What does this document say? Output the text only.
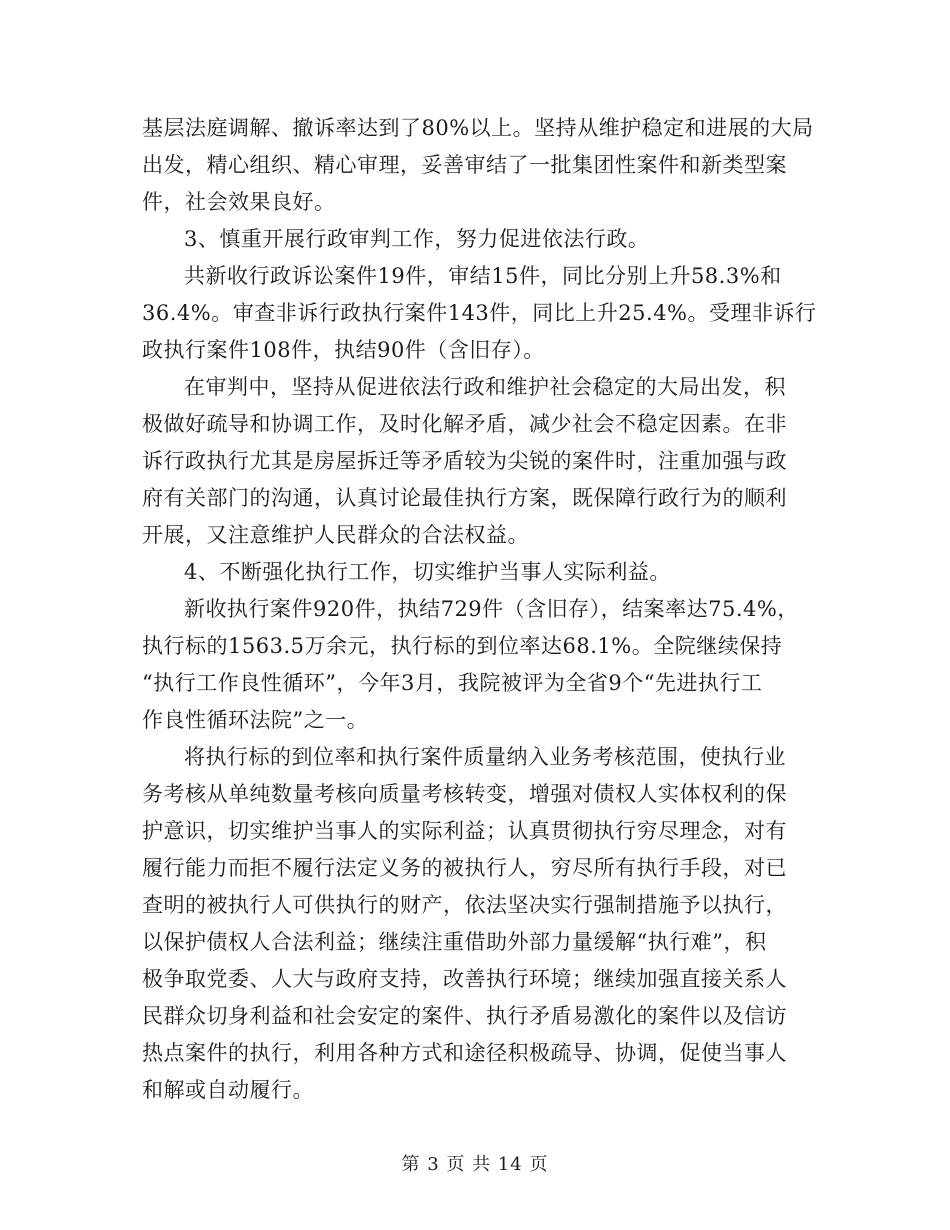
基层法庭调解、撤诉率达到了80%以上。坚持从维护稳定和进展的大局
出发，精心组织、精心审理，妥善审结了一批集团性案件和新类型案
件，社会效果良好。
3、慎重开展行政审判工作，努力促进依法行政。
共新收行政诉讼案件19件，审结15件，同比分别上升58.3%和
36.4%。审查非诉行政执行案件143件，同比上升25.4%。受理非诉行
政执行案件108件，执结90件（含旧存）。
在审判中，坚持从促进依法行政和维护社会稳定的大局出发，积
极做好疏导和协调工作，及时化解矛盾，减少社会不稳定因素。在非
诉行政执行尤其是房屋拆迁等矛盾较为尖锐的案件时，注重加强与政
府有关部门的沟通，认真讨论最佳执行方案，既保障行政行为的顺利
开展，又注意维护人民群众的合法权益。
4、不断强化执行工作，切实维护当事人实际利益。
新收执行案件920件，执结729件（含旧存），结案率达75.4%，
执行标的1563.5万余元，执行标的到位率达68.1%。全院继续保持
“执行工作良性循环”，今年3月，我院被评为全省9个“先进执行工
作良性循环法院”之一。
将执行标的到位率和执行案件质量纳入业务考核范围，使执行业
务考核从单纯数量考核向质量考核转变，增强对债权人实体权利的保
护意识，切实维护当事人的实际利益；认真贯彻执行穷尽理念，对有
履行能力而拒不履行法定义务的被执行人，穷尽所有执行手段，对已
查明的被执行人可供执行的财产，依法坚决实行强制措施予以执行，
以保护债权人合法利益；继续注重借助外部力量缓解“执行难”，积
极争取党委、人大与政府支持，改善执行环境；继续加强直接关系人
民群众切身利益和社会安定的案件、执行矛盾易激化的案件以及信访
热点案件的执行，利用各种方式和途径积极疏导、协调，促使当事人
和解或自动履行。
第 3 页 共 14 页
